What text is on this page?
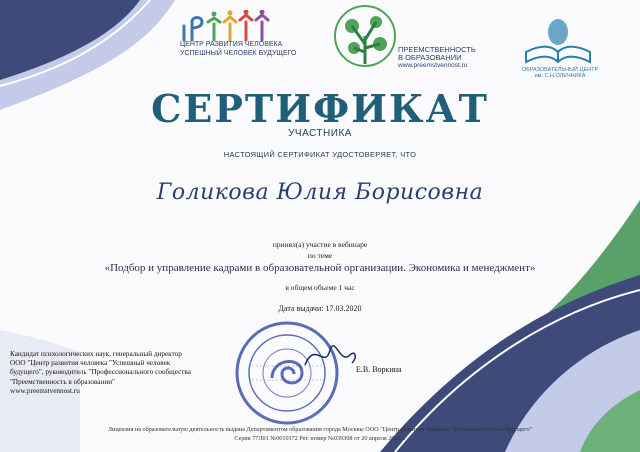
ЦЕНТР РАЗВИТИЯ ЧЕЛОВЕКА
УСПЕШНЫЙ ЧЕЛОВЕК БУДУЩЕГО	ПРЕЕМСТВЕННОСТЬ
В ОБРАЗОВАНИИ
www.preemstvennost.ru
ОБРАЗОВАТЕЛЬНЫЙ ЦЕНТР
им. С.Н.ОЛЕЧНИКА
СЕРТИФИКАТ
УЧАСТНИКА
НАСТОЯЩИЙ СЕРТИФИКАТ УДОСТОВЕРЯЕТ, ЧТО
Голикова Юлия Борисовна
принял(а) участие в вебинаре
по теме
«Подбор и управление кадрами в образовательной организации. Экономика и менеджмент»
в общем объеме 1 час
Дата выдачи: 17.03.2020
Кандидат психологических наук, генеральный директор
ООО "Центр развития человека "Успешный человек
будущего", руководитель "Профессионального сообщества
"Преемственность в образовании"
www.preemstvennost.ru
Е.В. Воркина
Лицензия на образовательную деятельность выдана Департаментом образования города Москвы ООО "Центр развития человека "Успешный человек будущего"
Серия 77Л01 №0010172 Рег. номер №039308 от 20 апреля 2018 г.
